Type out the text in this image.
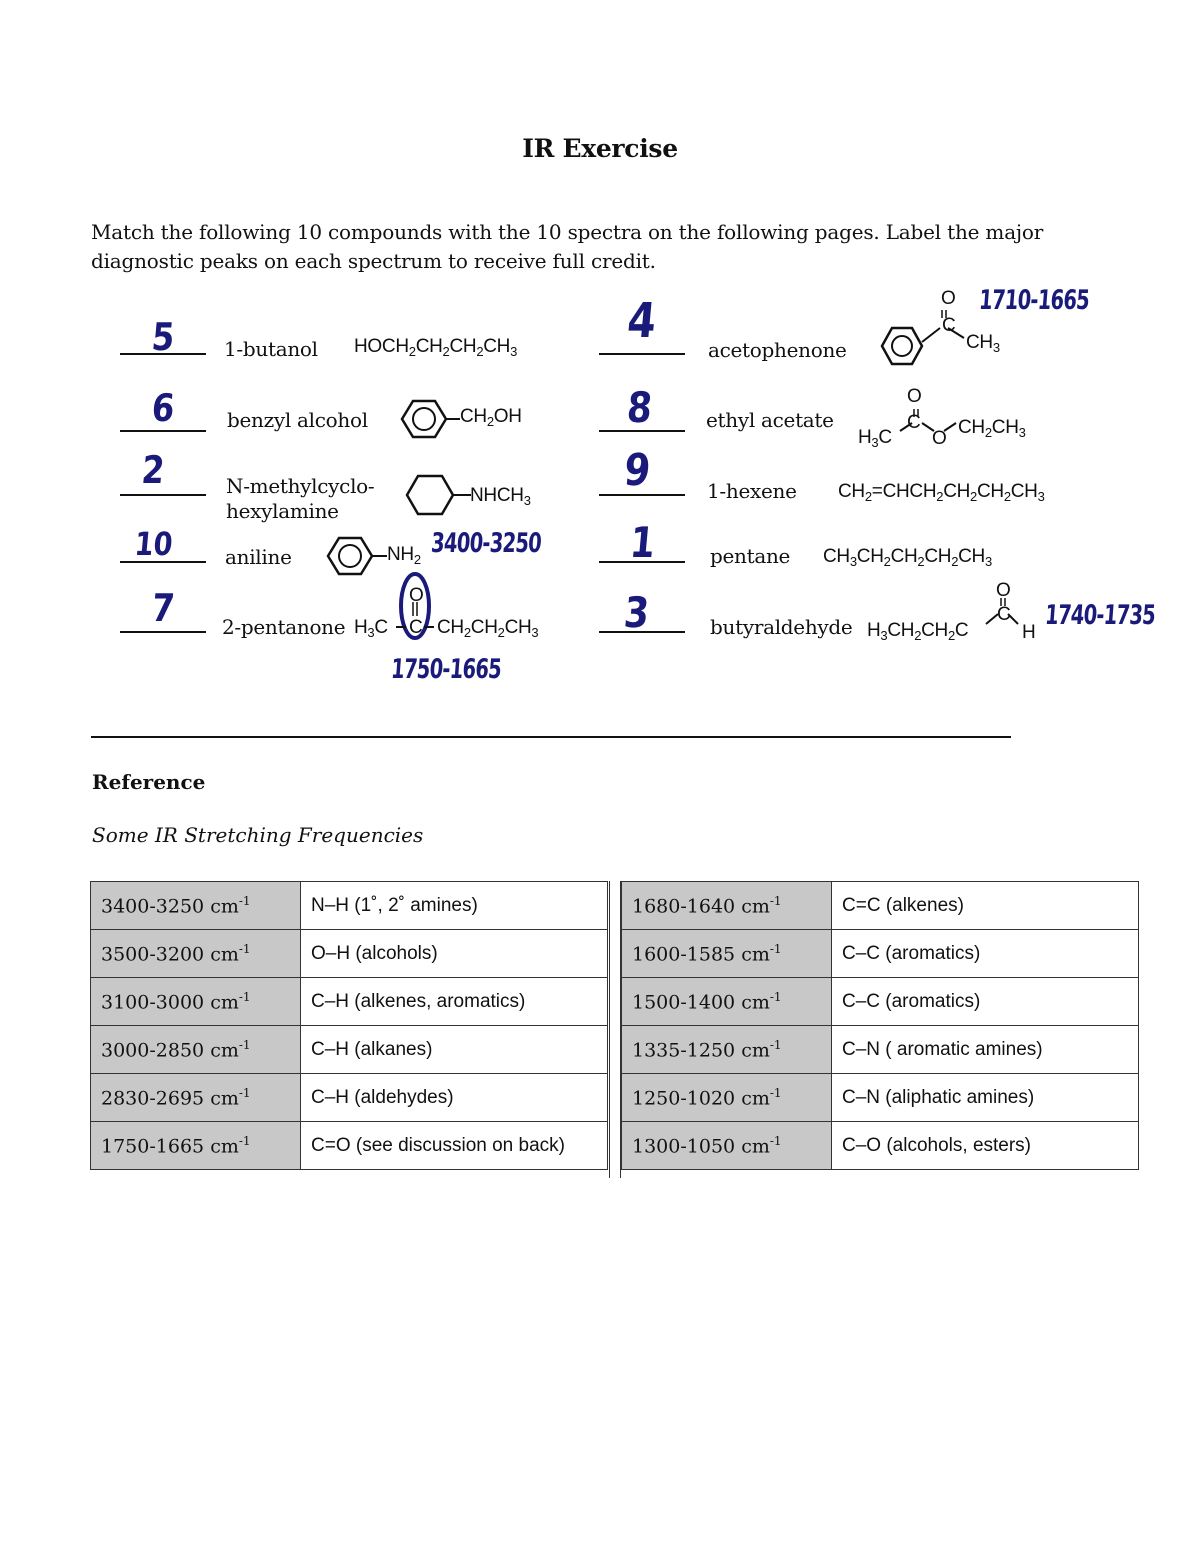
IR Exercise
Match the following 10 compounds with the 10 spectra on the following pages. Label the major diagnostic peaks on each spectrum to receive full credit.
5 1-butanol $HOCH_2CH_2CH_2CH_3$
6	benzyl alcohol	$CH_2OH$
2	N-methylcyclo-
hexylamine
$NHCH_3$
10	aniline	$NH_2$
3400-3250
7 2-pentanone $H_3C$
O
C $CH_2CH_2CH_3$
1750-1665
4
acetophenone
O
C
$CH_3$
1710-1665
8	ethyl acetate
O
C
O
$H_3C$	$CH_2CH_3$
9	1-hexene $CH_2=CHCH_2CH_2CH_2CH_3$
1	pentane $CH_3CH_2CH_2CH_2CH_3$
3	butyraldehyde $H_3CH_2CH_2C$
O
C
H
1740-1735
Reference
Some IR Stretching Frequencies
3400-3250 $cm^{-1}$	N–H (1˚, 2˚ amines)
3500-3200 $cm^{-1}$	O–H (alcohols)
3100-3000 $cm^{-1}$	C–H (alkenes, aromatics)
3000-2850 $cm^{-1}$	C–H (alkanes)
2830-2695 $cm^{-1}$	C–H (aldehydes)
1750-1665 $cm^{-1}$	C=O (see discussion on back)
1680-1640 $cm^{-1}$	C=C (alkenes)
1600-1585 $cm^{-1}$	C–C (aromatics)
1500-1400 $cm^{-1}$	C–C (aromatics)
1335-1250 $cm^{-1}$	C–N ( aromatic amines)
1250-1020 $cm^{-1}$	C–N (aliphatic amines)
1300-1050 $cm^{-1}$	C–O (alcohols, esters)
